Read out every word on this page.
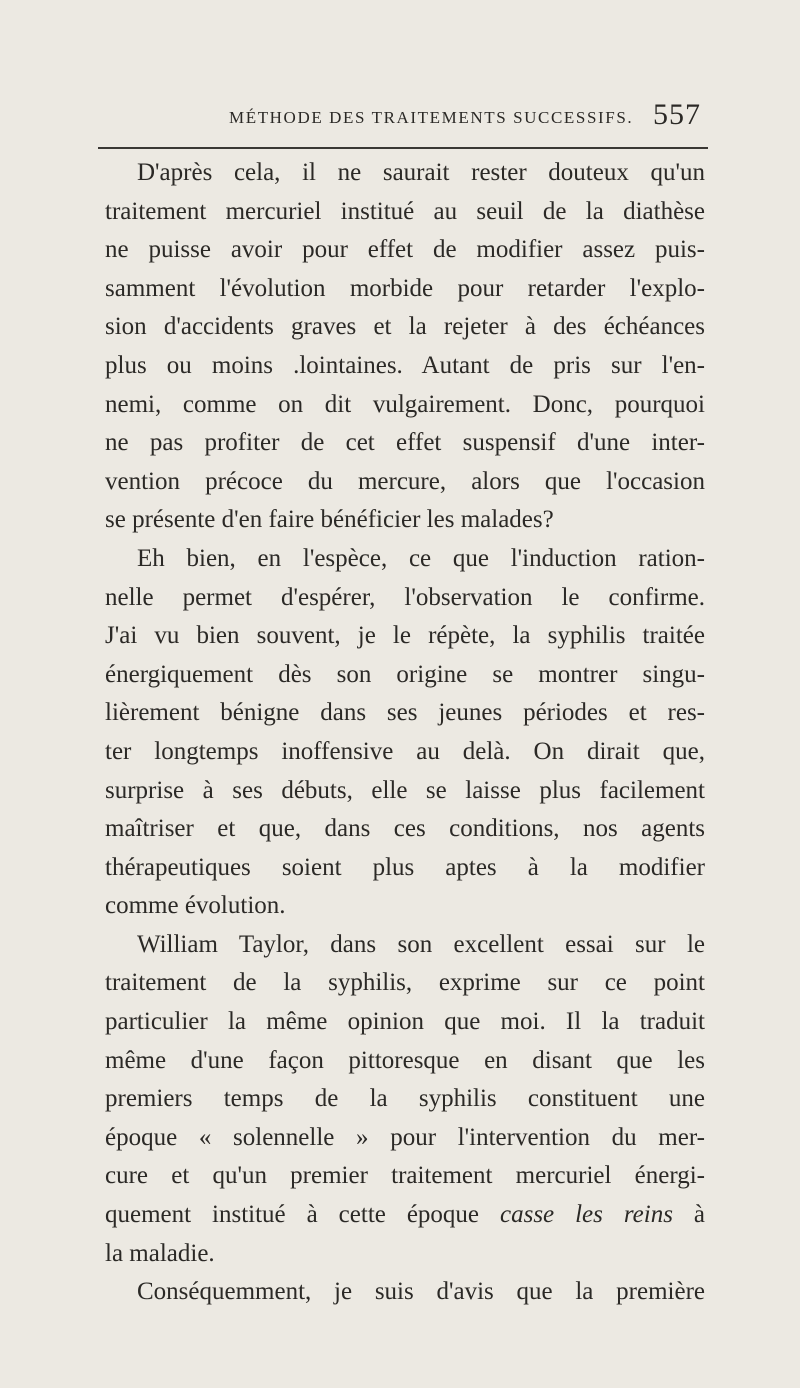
MÉTHODE DES TRAITEMENTS SUCCESSIFS. 557
D'après cela, il ne saurait rester douteux qu'un
traitement mercuriel institué au seuil de la diathèse
ne puisse avoir pour effet de modifier assez puis-
samment l'évolution morbide pour retarder l'explo-
sion d'accidents graves et la rejeter à des échéances
plus ou moins .lointaines. Autant de pris sur l'en-
nemi, comme on dit vulgairement. Donc, pourquoi
ne pas profiter de cet effet suspensif d'une inter-
vention précoce du mercure, alors que l'occasion
se présente d'en faire bénéficier les malades?
Eh bien, en l'espèce, ce que l'induction ration-
nelle permet d'espérer, l'observation le confirme.
J'ai vu bien souvent, je le répète, la syphilis traitée
énergiquement dès son origine se montrer singu-
lièrement bénigne dans ses jeunes périodes et res-
ter longtemps inoffensive au delà. On dirait que,
surprise à ses débuts, elle se laisse plus facilement
maîtriser et que, dans ces conditions, nos agents
thérapeutiques soient plus aptes à la modifier
comme évolution.
William Taylor, dans son excellent essai sur le
traitement de la syphilis, exprime sur ce point
particulier la même opinion que moi. Il la traduit
même d'une façon pittoresque en disant que les
premiers temps de la syphilis constituent une
époque « solennelle » pour l'intervention du mer-
cure et qu'un premier traitement mercuriel énergi-
quement institué à cette époque casse les reins à
la maladie.
Conséquemment, je suis d'avis que la première
